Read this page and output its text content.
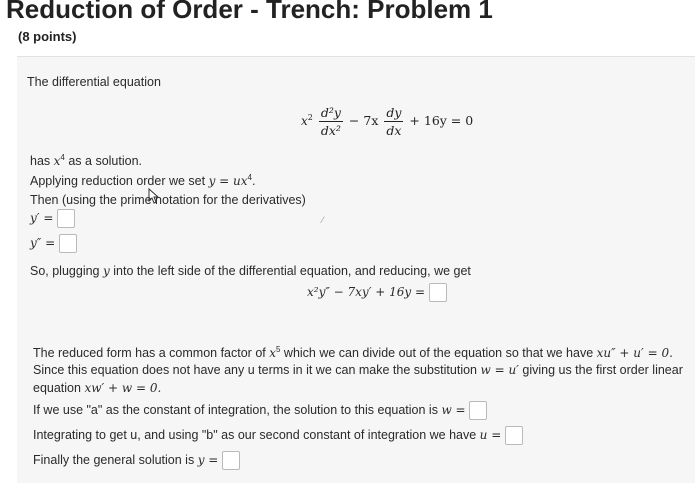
Reduction of Order - Trench: Problem 1
(8 points)
The differential equation
$x^2 \frac{\text{d²y}}{\text{dx²}} - 7x \frac{dy}{dx} + 16y = 0$
has $x^4$ as a solution.
Applying reduction order we set $y = ux^4$.
Then (using the prime notation for the derivatives)
y′ =	⁄
y″ =
So, plugging y into the left side of the differential equation, and reducing, we get
x²y″ − 7xy′ + 16y =
The reduced form has a common factor of $x^5$ which we can divide out of the equation so that we have xu″ + u′ = 0.
Since this equation does not have any u terms in it we can make the substitution w = u′ giving us the first order linear
equation xw′ + w = 0.
If we use "a" as the constant of integration, the solution to this equation is w =
Integrating to get u, and using "b" as our second constant of integration we have u =
Finally the general solution is y =
